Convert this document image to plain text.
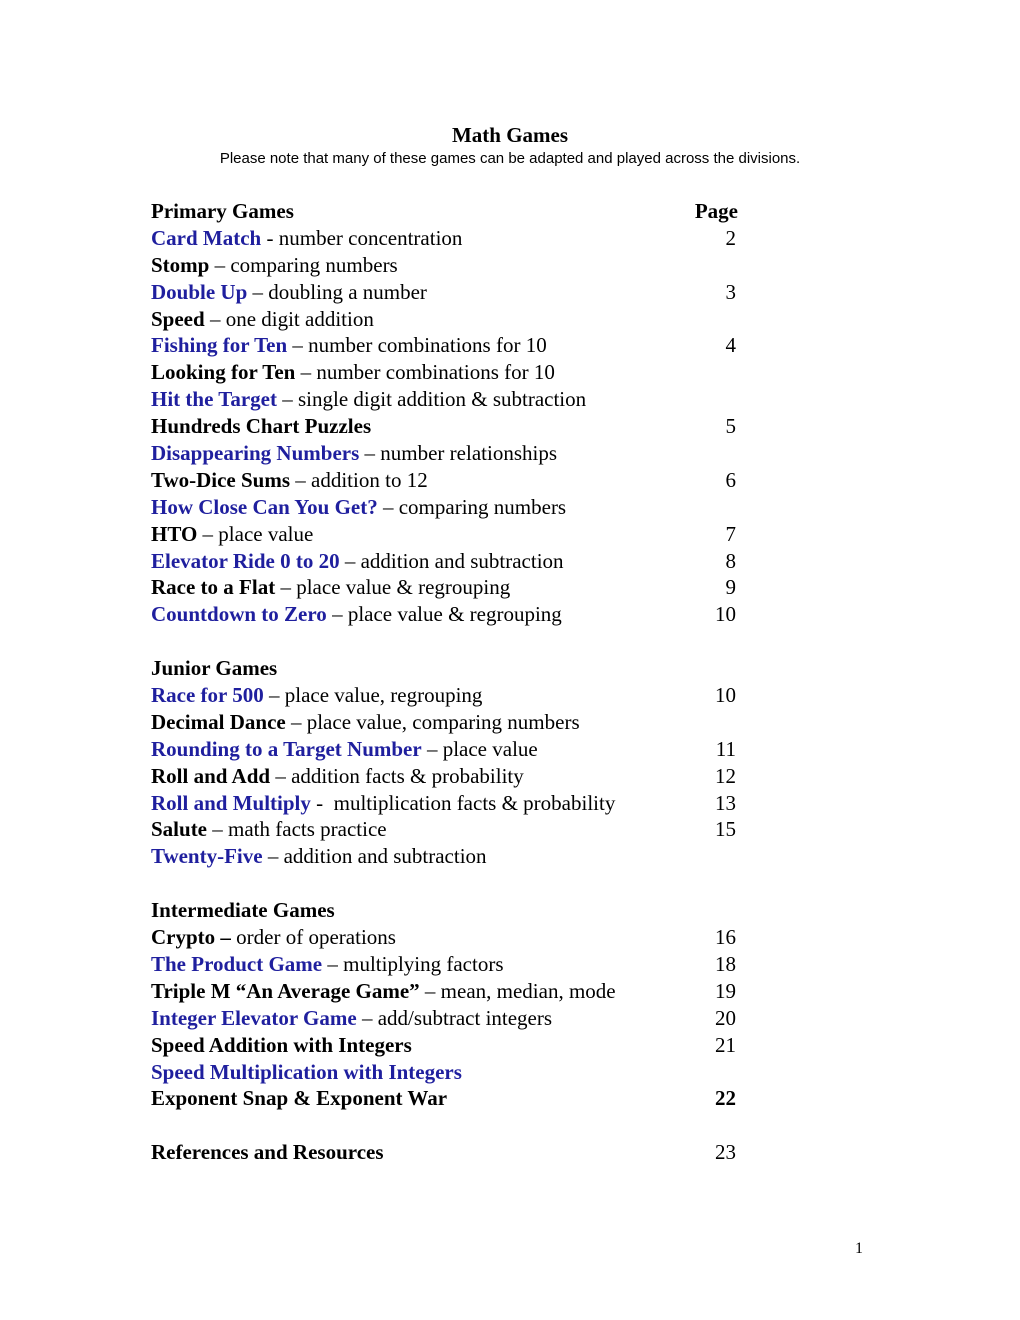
Math Games
Please note that many of these games can be adapted and played across the divisions.
Primary Games	Page
Card Match - number concentration	2
Stomp – comparing numbers
Double Up – doubling a number	3
Speed – one digit addition
Fishing for Ten – number combinations for 10	4
Looking for Ten – number combinations for 10
Hit the Target – single digit addition & subtraction
Hundreds Chart Puzzles	5
Disappearing Numbers – number relationships
Two-Dice Sums – addition to 12	6
How Close Can You Get? – comparing numbers
HTO – place value	7
Elevator Ride 0 to 20 – addition and subtraction	8
Race to a Flat – place value & regrouping	9
Countdown to Zero – place value & regrouping	10
Junior Games
Race for 500 – place value, regrouping	10
Decimal Dance – place value, comparing numbers
Rounding to a Target Number – place value	11
Roll and Add – addition facts & probability	12
Roll and Multiply -  multiplication facts & probability	13
Salute – math facts practice	15
Twenty-Five – addition and subtraction
Intermediate Games
Crypto – order of operations	16
The Product Game – multiplying factors	18
Triple M “An Average Game” – mean, median, mode	19
Integer Elevator Game – add/subtract integers	20
Speed Addition with Integers	21
Speed Multiplication with Integers
Exponent Snap & Exponent War	22
References and Resources	23
1
